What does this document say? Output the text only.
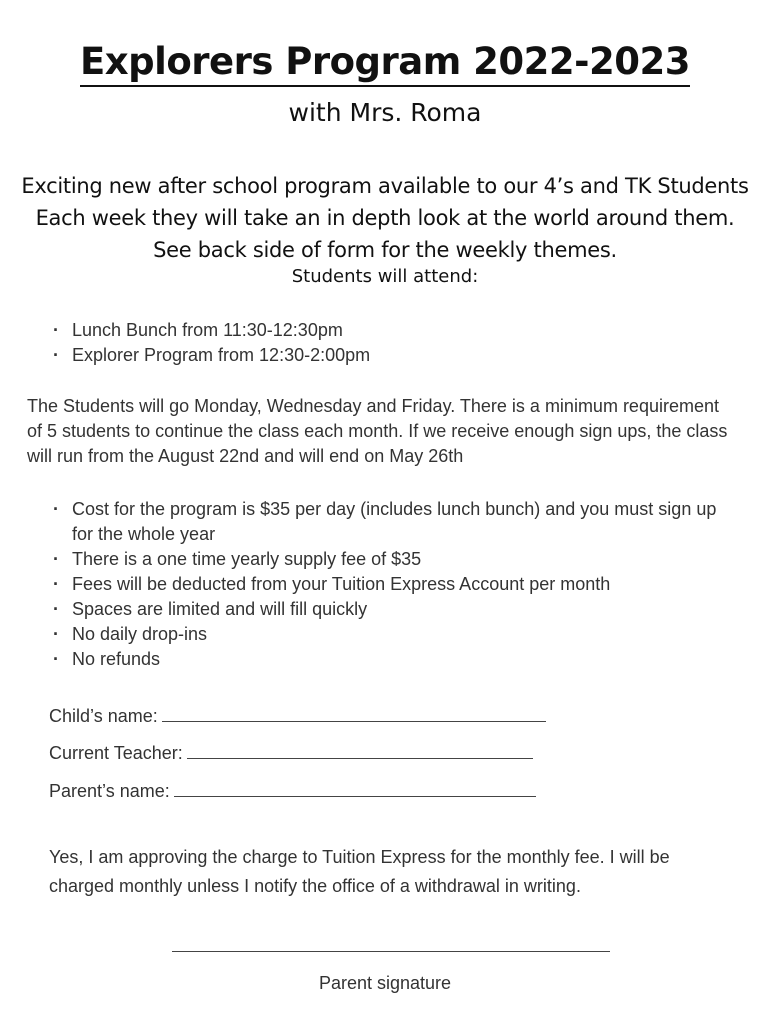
Explorers Program 2022-2023
with Mrs. Roma
Exciting new after school program available to our 4’s and TK Students
Each week they will take an in depth look at the world around them.
See back side of form for the weekly themes.
Students will attend:
· Lunch Bunch from 11:30-12:30pm
· Explorer Program from 12:30-2:00pm
The Students will go Monday, Wednesday and Friday. There is a minimum requirement of 5 students to continue the class each month. If we receive enough sign ups, the class will run from the August 22nd and will end on May 26th
· Cost for the program is $35 per day (includes lunch bunch) and you must sign up for the whole year
· There is a one time yearly supply fee of $35
· Fees will be deducted from your Tuition Express Account per month
· Spaces are limited and will fill quickly
· No daily drop-ins
· No refunds
Child’s name:
Current Teacher:
Parent’s name:
Yes, I am approving the charge to Tuition Express for the monthly fee. I will be charged monthly unless I notify the office of a withdrawal in writing.
Parent signature
